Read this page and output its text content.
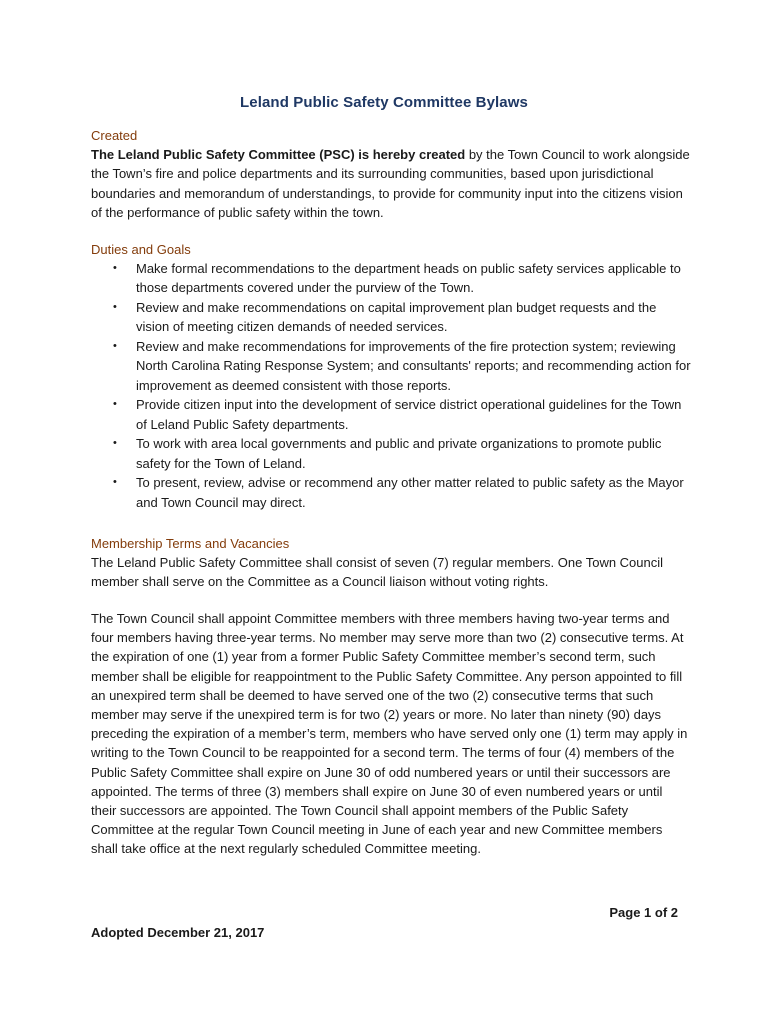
Leland Public Safety Committee Bylaws

Created

The Leland Public Safety Committee (PSC) is hereby created by the Town Council to work alongside the Town’s fire and police departments and its surrounding communities, based upon jurisdictional boundaries and memorandum of understandings, to provide for community input into the citizens vision of the performance of public safety within the town.

Duties and Goals

• Make formal recommendations to the department heads on public safety services applicable to those departments covered under the purview of the Town.
• Review and make recommendations on capital improvement plan budget requests and the vision of meeting citizen demands of needed services.
• Review and make recommendations for improvements of the fire protection system; reviewing North Carolina Rating Response System; and consultants' reports; and recommending action for improvement as deemed consistent with those reports.
• Provide citizen input into the development of service district operational guidelines for the Town of Leland Public Safety departments.
• To work with area local governments and public and private organizations to promote public safety for the Town of Leland.
• To present, review, advise or recommend any other matter related to public safety as the Mayor and Town Council may direct.

Membership Terms and Vacancies

The Leland Public Safety Committee shall consist of seven (7) regular members. One Town Council member shall serve on the Committee as a Council liaison without voting rights.

The Town Council shall appoint Committee members with three members having two-year terms and four members having three-year terms. No member may serve more than two (2) consecutive terms. At the expiration of one (1) year from a former Public Safety Committee member’s second term, such member shall be eligible for reappointment to the Public Safety Committee. Any person appointed to fill an unexpired term shall be deemed to have served one of the two (2) consecutive terms that such member may serve if the unexpired term is for two (2) years or more. No later than ninety (90) days preceding the expiration of a member’s term, members who have served only one (1) term may apply in writing to the Town Council to be reappointed for a second term. The terms of four (4) members of the Public Safety Committee shall expire on June 30 of odd numbered years or until their successors are appointed. The terms of three (3) members shall expire on June 30 of even numbered years or until their successors are appointed. The Town Council shall appoint members of the Public Safety Committee at the regular Town Council meeting in June of each year and new Committee members shall take office at the next regularly scheduled Committee meeting.

Page 1 of 2
Adopted December 21, 2017
